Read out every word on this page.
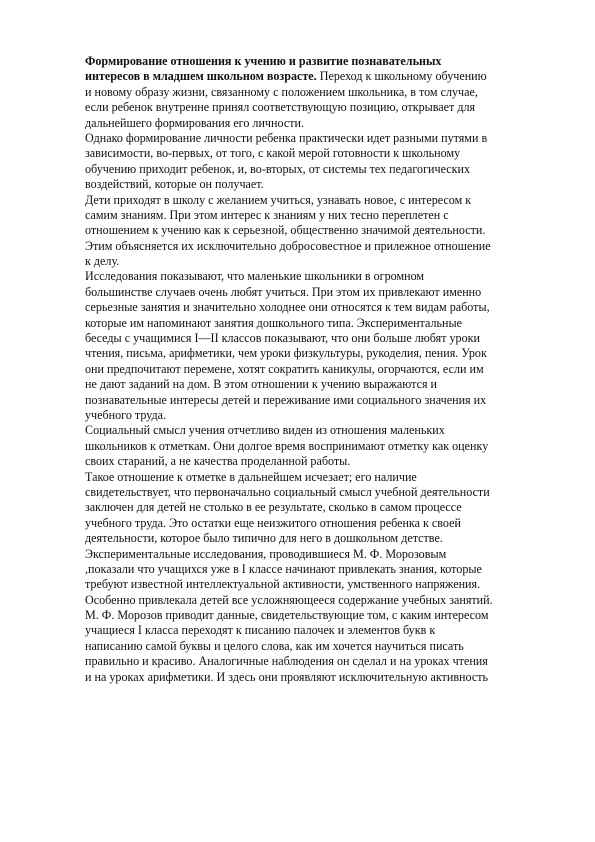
Формирование отношения к учению и развитие познавательных
интересов в младшем школьном возрасте. Переход к школьному обучению
и новому образу жизни, связанному с положением школьника, в том случае,
если ребенок внутренне принял соответствующую позицию, открывает для
дальнейшего формирования его личности.
Однако формирование личности ребенка практически идет разными путями в
зависимости, во-первых, от того, с какой мерой готовности к школьному
обучению приходит ребенок, и, во-вторых, от системы тех педагогических
воздействий, которые он получает.
Дети приходят в школу с желанием учиться, узнавать новое, с интересом к
самим знаниям. При этом интерес к знаниям у них тесно переплетен с
отношением к учению как к серьезной, общественно значимой деятельности.
Этим объясняется их исключительно добросовестное и прилежное отношение
к делу.
Исследования показывают, что маленькие школьники в огромном
большинстве случаев очень любят учиться. При этом их привлекают именно
серьезные занятия и значительно холоднее они относятся к тем видам работы,
которые им напоминают занятия дошкольного типа. Экспериментальные
беседы с учащимися I—II классов показывают, что они больше любят уроки
чтения, письма, арифметики, чем уроки физкультуры, рукоделия, пения. Урок
они предпочитают перемене, хотят сократить каникулы, огорчаются, если им
не дают заданий на дом. В этом отношении к учению выражаются и
познавательные интересы детей и переживание ими социального значения их
учебного труда.
Социальный смысл учения отчетливо виден из отношения маленьких
школьников к отметкам. Они долгое время воспринимают отметку как оценку
своих стараний, а не качества проделанной работы.
Такое отношение к отметке в дальнейшем исчезает; его наличие
свидетельствует, что первоначально социальный смысл учебной деятельности
заключен для детей не столько в ее результате, сколько в самом процессе
учебного труда. Это остатки еще неизжитого отношения ребенка к своей
деятельности, которое было типично для него в дошкольном детстве.
Экспериментальные исследования, проводившиеся М. Ф. Морозовым
,показали что учащихся уже в I классе начинают привлекать знания, которые
требуют известной интеллектуальной активности, умственного напряжения.
Особенно привлекала детей все усложняющееся содержание учебных занятий.
М. Ф. Морозов приводит данные, свидетельствующие том, с каким интересом
учащиеся I класса переходят к писанию палочек и элементов букв к
написанию самой буквы и целого слова, как им хочется научиться писать
правильно и красиво. Аналогичные наблюдения он сделал и на уроках чтения
и на уроках арифметики. И здесь они проявляют исключительную активность
